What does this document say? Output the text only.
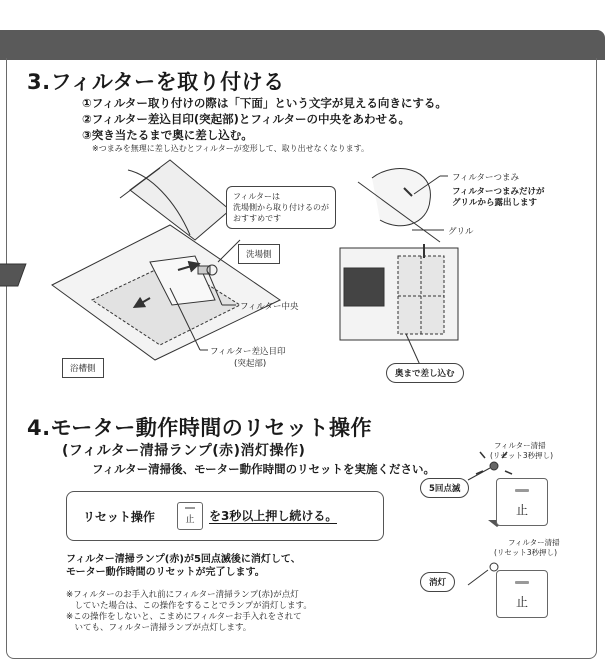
3.フィルターを取り付ける
①フィルター取り付けの際は「下面」という文字が見える向きにする。
②フィルター差込目印(突起部)とフィルターの中央をあわせる。
③突き当たるまで奥に差し込む。
※つまみを無理に差し込むとフィルターが変形して、取り出せなくなります。
フィルターは
洗場側から取り付けるのが
おすすめです
洗場側
浴槽側
フィルター中央
フィルター差込目印
(突起部)
フィルターつまみ
フィルターつまみだけが
グリルから露出します
グリル
奥まで差し込む
4.モーター動作時間のリセット操作
(フィルター清掃ランプ(赤)消灯操作)
フィルター清掃後、モーター動作時間のリセットを実施ください。
リセット操作	止	を3秒以上押し続ける。
フィルター清掃ランプ(赤)が5回点滅後に消灯して、
モーター動作時間のリセットが完了します。
※フィルターのお手入れ前にフィルター清掃ランプ(赤)が点灯
　していた場合は、この操作をすることでランプが消灯します。
※この操作をしないと、こまめにフィルターお手入れをされて
　いても、フィルター清掃ランプが点灯します。
フィルター清掃
(リセット3秒押し)
5回点滅
止
フィルター清掃
(リセット3秒押し)
消灯
止
